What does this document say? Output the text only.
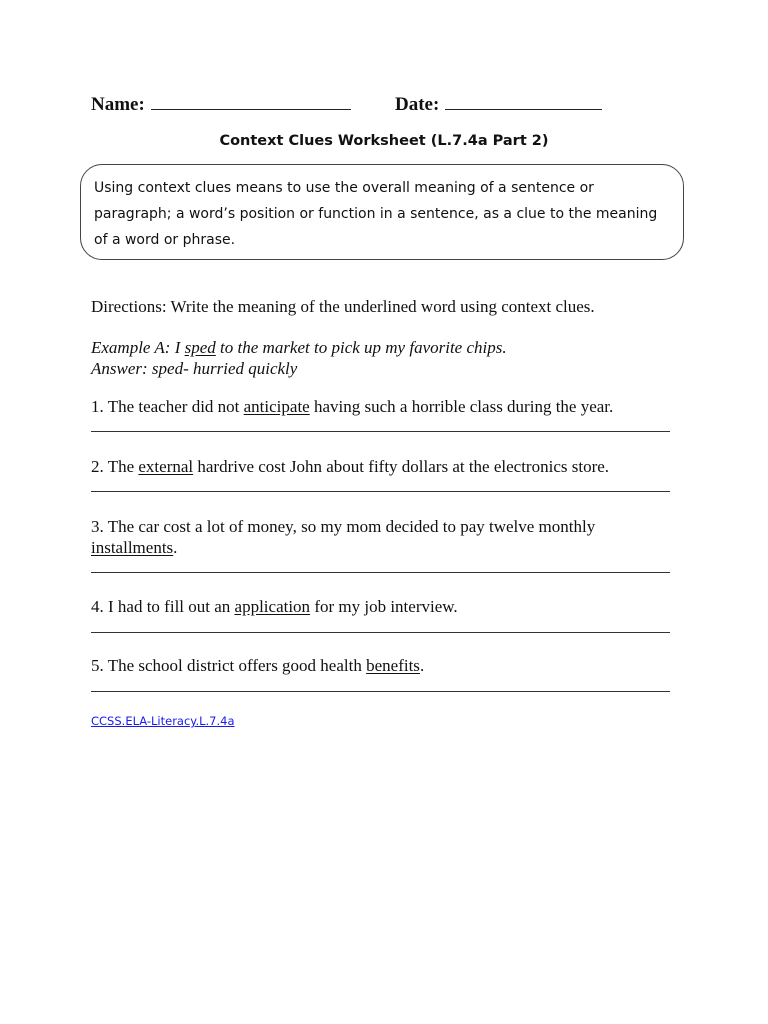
Name:	Date:
Context Clues Worksheet (L.7.4a Part 2)
Using context clues means to use the overall meaning of a sentence or paragraph; a word’s position or function in a sentence, as a clue to the meaning of a word or phrase.
Directions: Write the meaning of the underlined word using context clues.
Example A: I sped to the market to pick up my favorite chips.
Answer: sped- hurried quickly
1. The teacher did not anticipate having such a horrible class during the year.
2. The external hardrive cost John about fifty dollars at the electronics store.
3. The car cost a lot of money, so my mom decided to pay twelve monthly
installments.
4. I had to fill out an application for my job interview.
5. The school district offers good health benefits.
CCSS.ELA-Literacy.L.7.4a
